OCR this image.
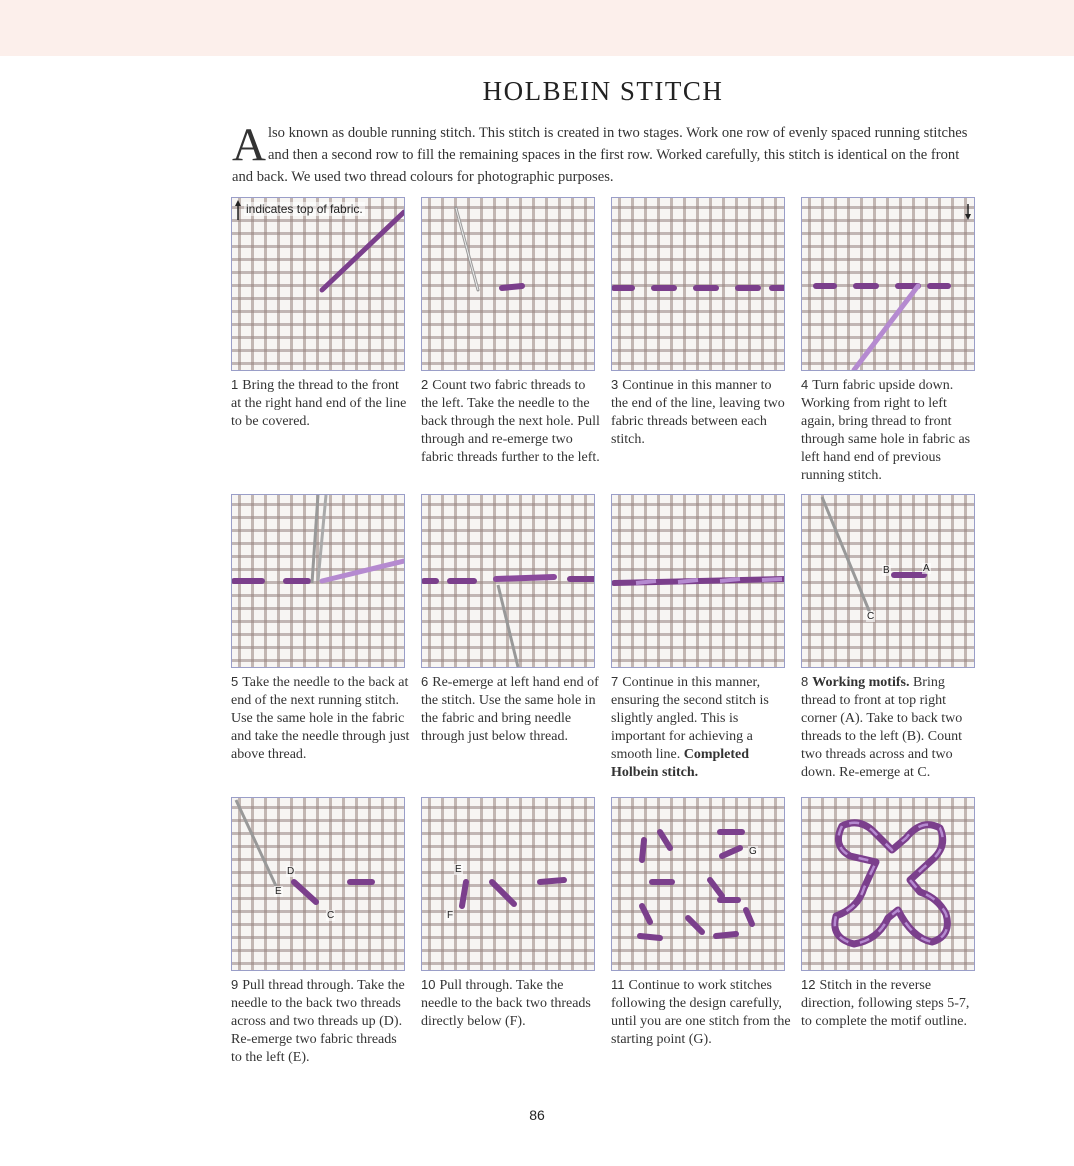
HOLBEIN STITCH
Also known as double running stitch. This stitch is created in two stages. Work one row of evenly spaced running stitches and then a second row to fill the remaining spaces in the first row. Worked carefully, this stitch is identical on the front and back. We used two thread colours for photographic purposes.
indicates top of fabric.
1 Bring the thread to the front at the right hand end of the line to be covered.
2 Count two fabric threads to the left. Take the needle to the back through the next hole. Pull through and re-emerge two fabric threads further to the left.
3 Continue in this manner to the end of the line, leaving two fabric threads between each stitch.
4 Turn fabric upside down. Working from right to left again, bring thread to front through same hole in fabric as left hand end of previous running stitch.
5 Take the needle to the back at end of the next running stitch. Use the same hole in the fabric and take the needle through just above thread.
6 Re-emerge at left hand end of the stitch. Use the same hole in the fabric and bring needle through just below thread.
7 Continue in this manner, ensuring the second stitch is slightly angled. This is important for achieving a smooth line. Completed Holbein stitch.
A
B
C
8 Working motifs. Bring thread to front at top right corner (A). Take to back two threads to the left (B). Count two threads across and two down. Re-emerge at C.
D
E
C
9 Pull thread through. Take the needle to the back two threads across and two threads up (D). Re-emerge two fabric threads to the left (E).
E
F
10 Pull through. Take the needle to the back two threads directly below (F).
G
11 Continue to work stitches following the design carefully, until you are one stitch from the starting point (G).
12 Stitch in the reverse direction, following steps 5-7, to complete the motif outline.
86
